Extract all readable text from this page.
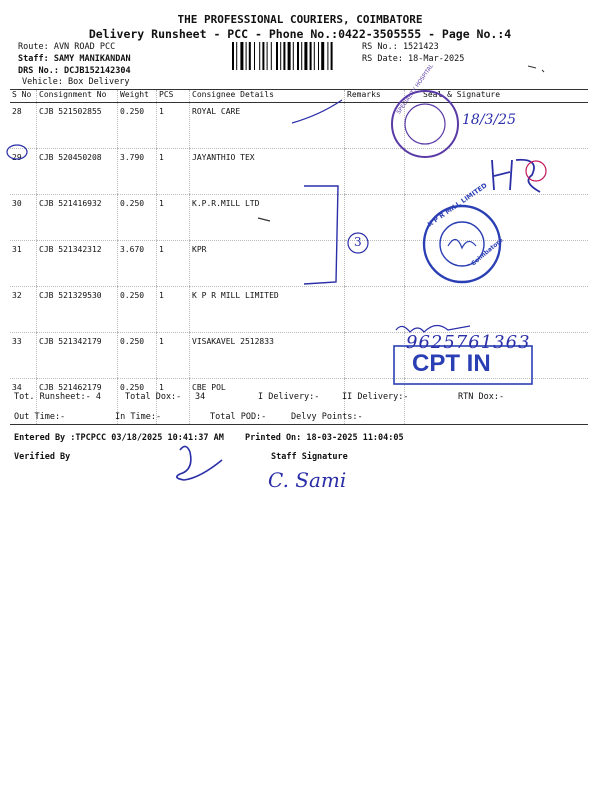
THE PROFESSIONAL COURIERS, COIMBATORE
Delivery Runsheet - PCC - Phone No.:0422-3505555 - Page No.:4
Route: AVN ROAD PCC
Staff: SAMY MANIKANDAN
DRS No.: DCJB152142304
Vehicle: Box Delivery
RS No.: 1521423
RS Date: 18-Mar-2025
S No	Consignment No	Weight	PCS	Consignee Details	Remarks	Seal & Signature
28	CJB 521502855	0.250	1	ROYAL CARE		
29	CJB 520450208	3.790	1	JAYANTHIO TEX		
30	CJB 521416932	0.250	1	K.P.R.MILL LTD		
31	CJB 521342312	3.670	1	KPR		
32	CJB 521329530	0.250	1	K P R MILL LIMITED		
33	CJB 521342179	0.250	1	VISAKAVEL 2512833		
34	CJB 521462179	0.250	1	CBE POL		
Tot. Runsheet:- 4	Total Dox:- 34	I Delivery:-	II Delivery:-	RTN Dox:-
Out Time:-	In Time:-	Total POD:-	Delvy Points:-
Entered By :TPCPCC 03/18/2025 10:41:37 AM Printed On: 18-03-2025 11:04:05
Verified By	Staff Signature
SPECIALITY HOSPITAL
K P R MILL LIMITED
Coimbatore
18/3/25
3
9625761363
CPT IN
C. Sami
